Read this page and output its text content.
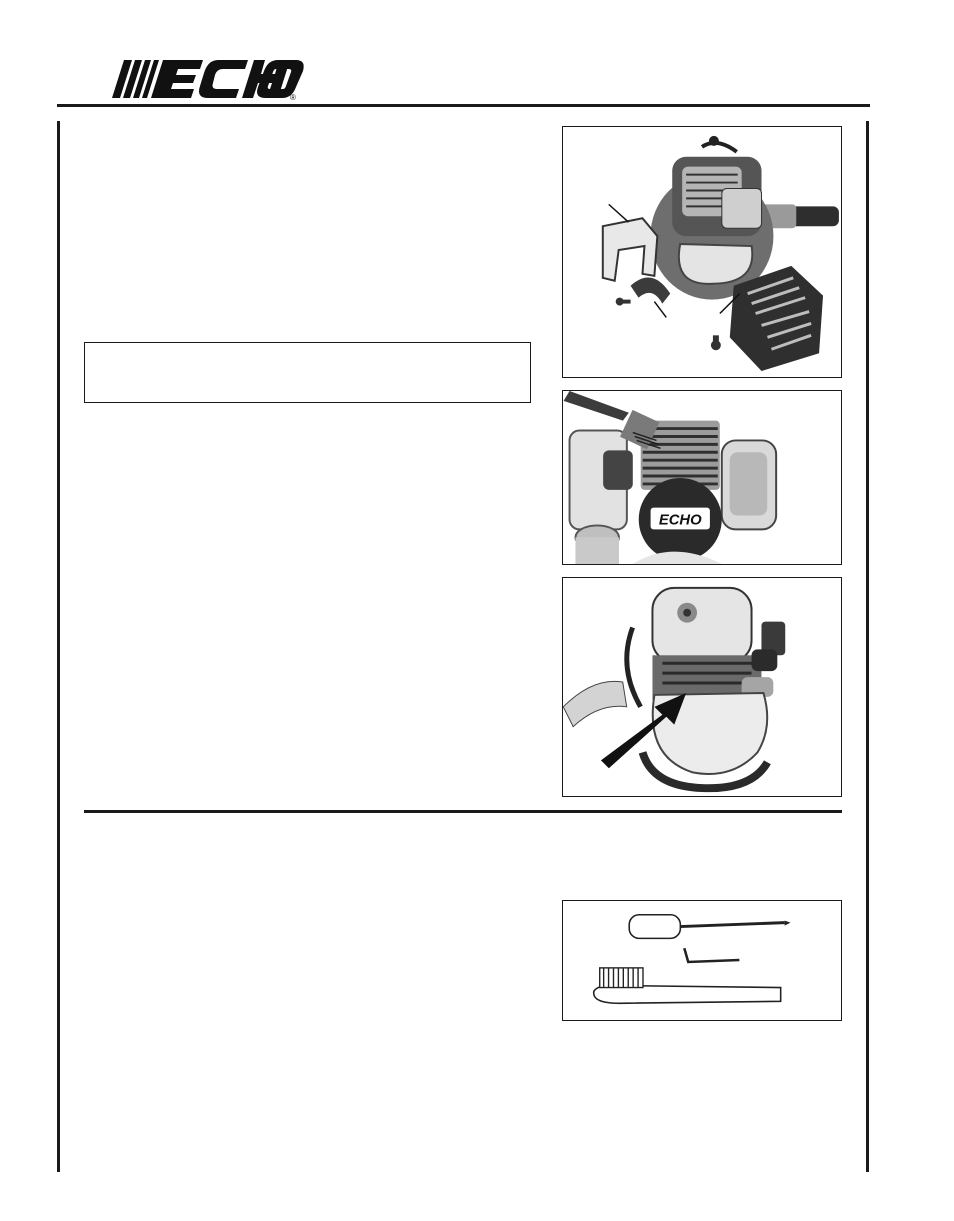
®
ECHO
